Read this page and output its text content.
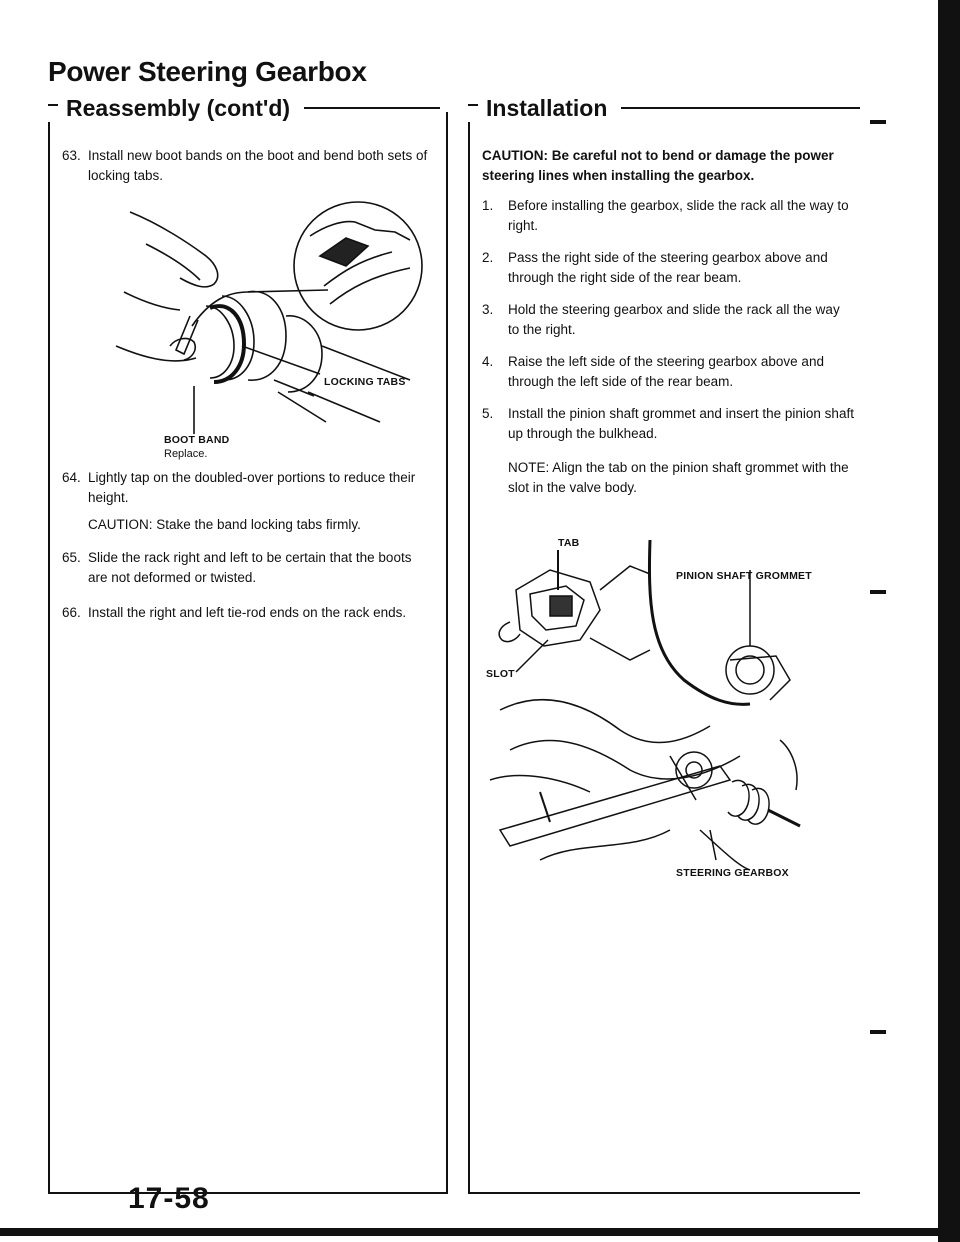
Power Steering Gearbox
Reassembly (cont'd)	Installation
63. Install new boot bands on the boot and bend both sets of locking tabs.
LOCKING TABS
BOOT BAND
Replace.
64. Lightly tap on the doubled-over portions to reduce their height.
CAUTION: Stake the band locking tabs firmly.
65. Slide the rack right and left to be certain that the boots are not deformed or twisted.
66. Install the right and left tie-rod ends on the rack ends.
CAUTION: Be careful not to bend or damage the power steering lines when installing the gearbox.
1. Before installing the gearbox, slide the rack all the way to right.
2. Pass the right side of the steering gearbox above and through the right side of the rear beam.
3. Hold the steering gearbox and slide the rack all the way to the right.
4. Raise the left side of the steering gearbox above and through the left side of the rear beam.
5. Install the pinion shaft grommet and insert the pinion shaft up through the bulkhead.
NOTE: Align the tab on the pinion shaft grommet with the slot in the valve body.
TAB
PINION SHAFT GROMMET
SLOT
STEERING GEARBOX
17-58
